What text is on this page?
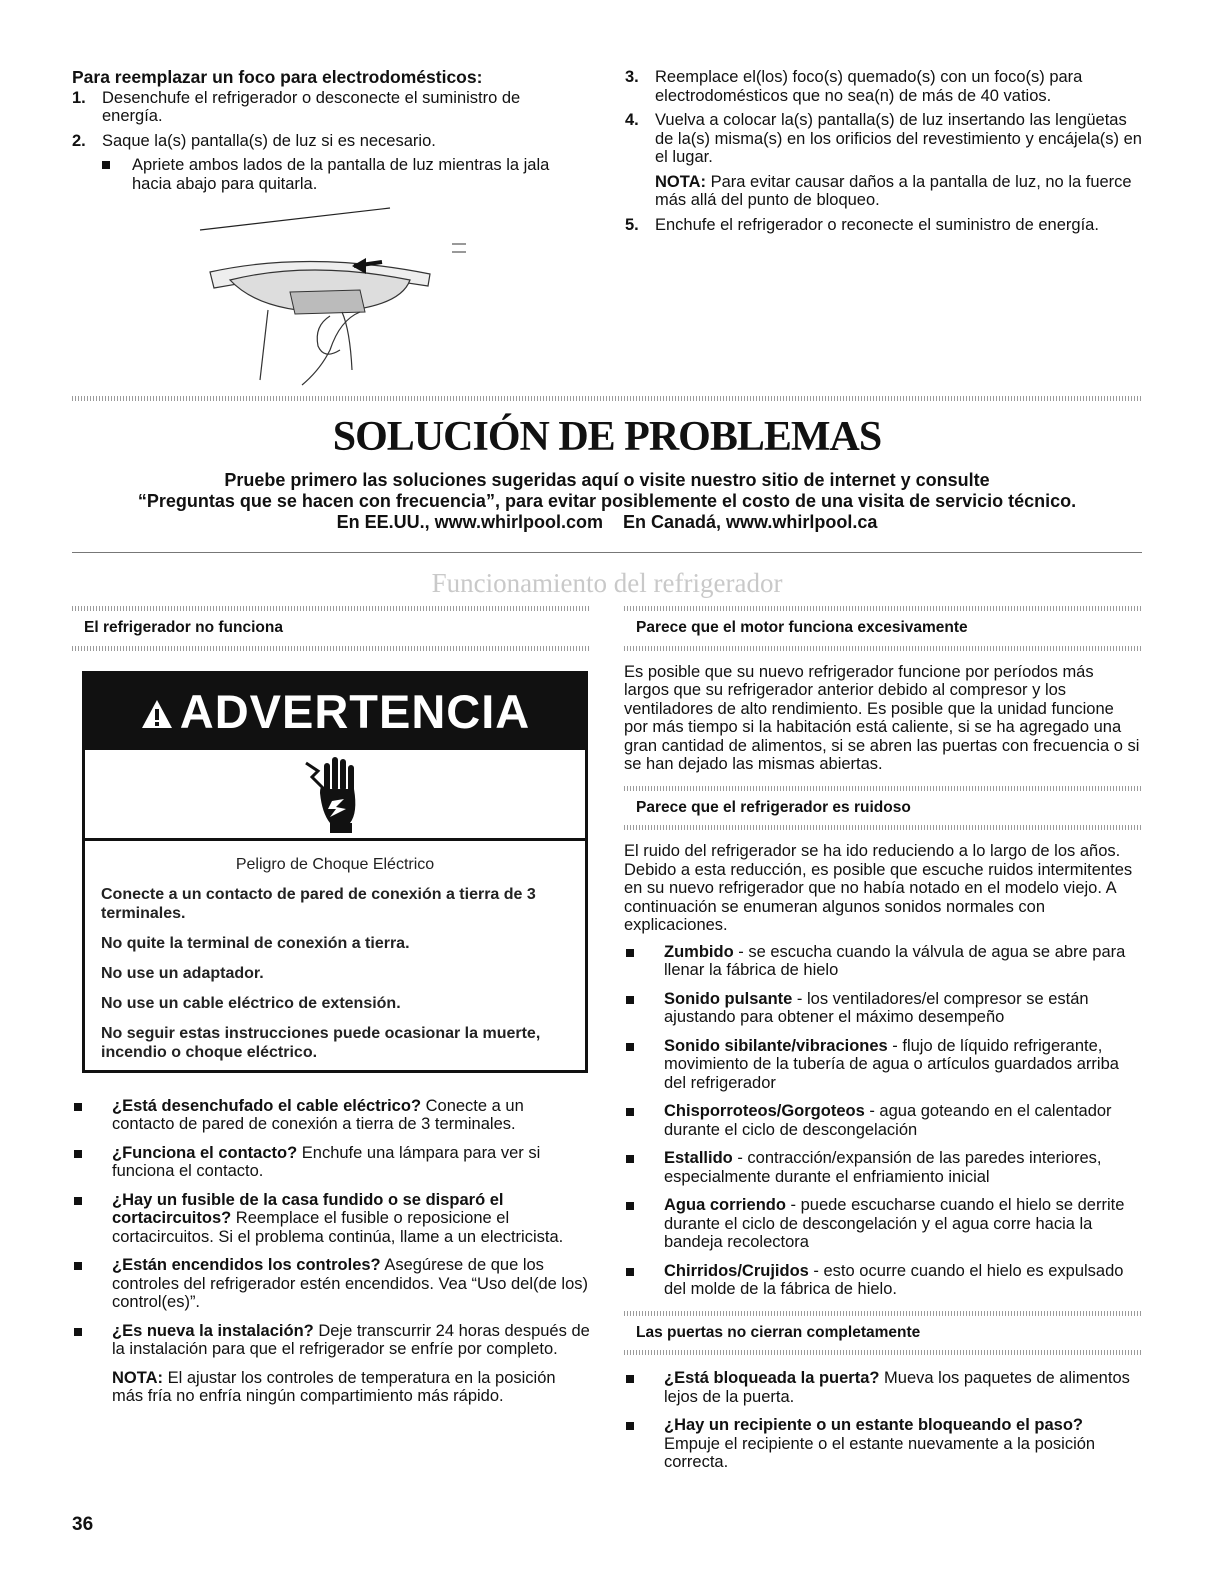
Para reemplazar un foco para electrodomésticos:
1. Desenchufe el refrigerador o desconecte el suministro de energía.
2. Saque la(s) pantalla(s) de luz si es necesario.
Apriete ambos lados de la pantalla de luz mientras la jala hacia abajo para quitarla.
3. Reemplace el(los) foco(s) quemado(s) con un foco(s) para electrodomésticos que no sea(n) de más de 40 vatios.
4. Vuelva a colocar la(s) pantalla(s) de luz insertando las lengüetas de la(s) misma(s) en los orificios del revestimiento y encájela(s) en el lugar.

NOTA: Para evitar causar daños a la pantalla de luz, no la fuerce más allá del punto de bloqueo.

5. Enchufe el refrigerador o reconecte el suministro de energía.
SOLUCIÓN DE PROBLEMAS
Pruebe primero las soluciones sugeridas aquí o visite nuestro sitio de internet y consulte
“Preguntas que se hacen con frecuencia”, para evitar posiblemente el costo de una visita de servicio técnico.
En EE.UU., www.whirlpool.com    En Canadá, www.whirlpool.ca
Funcionamiento del refrigerador
El refrigerador no funciona
ADVERTENCIA

Peligro de Choque Eléctrico

Conecte a un contacto de pared de conexión a tierra de 3 terminales.

No quite la terminal de conexión a tierra.

No use un adaptador.

No use un cable eléctrico de extensión.

No seguir estas instrucciones puede ocasionar la muerte, incendio o choque eléctrico.

¿Está desenchufado el cable eléctrico? Conecte a un contacto de pared de conexión a tierra de 3 terminales.
¿Funciona el contacto? Enchufe una lámpara para ver si funciona el contacto.
¿Hay un fusible de la casa fundido o se disparó el cortacircuitos? Reemplace el fusible o reposicione el cortacircuitos. Si el problema continúa, llame a un electricista.
¿Están encendidos los controles? Asegúrese de que los controles del refrigerador estén encendidos. Vea “Uso del(de los) control(es)”.
¿Es nueva la instalación? Deje transcurrir 24 horas después de la instalación para que el refrigerador se enfríe por completo.
NOTA: El ajustar los controles de temperatura en la posición más fría no enfría ningún compartimiento más rápido.
Parece que el motor funciona excesivamente

Es posible que su nuevo refrigerador funcione por períodos más largos que su refrigerador anterior debido al compresor y los ventiladores de alto rendimiento. Es posible que la unidad funcione por más tiempo si la habitación está caliente, si se ha agregado una gran cantidad de alimentos, si se abren las puertas con frecuencia o si se han dejado las mismas abiertas.

Parece que el refrigerador es ruidoso

El ruido del refrigerador se ha ido reduciendo a lo largo de los años. Debido a esta reducción, es posible que escuche ruidos intermitentes en su nuevo refrigerador que no había notado en el modelo viejo. A continuación se enumeran algunos sonidos normales con explicaciones.

Zumbido - se escucha cuando la válvula de agua se abre para llenar la fábrica de hielo
Sonido pulsante - los ventiladores/el compresor se están ajustando para obtener el máximo desempeño
Sonido sibilante/vibraciones - flujo de líquido refrigerante, movimiento de la tubería de agua o artículos guardados arriba del refrigerador
Chisporroteos/Gorgoteos - agua goteando en el calentador durante el ciclo de descongelación
Estallido - contracción/expansión de las paredes interiores, especialmente durante el enfriamiento inicial
Agua corriendo - puede escucharse cuando el hielo se derrite durante el ciclo de descongelación y el agua corre hacia la bandeja recolectora
Chirridos/Crujidos - esto ocurre cuando el hielo es expulsado del molde de la fábrica de hielo.
Las puertas no cierran completamente
¿Está bloqueada la puerta? Mueva los paquetes de alimentos lejos de la puerta.
¿Hay un recipiente o un estante bloqueando el paso? Empuje el recipiente o el estante nuevamente a la posición correcta.
36
